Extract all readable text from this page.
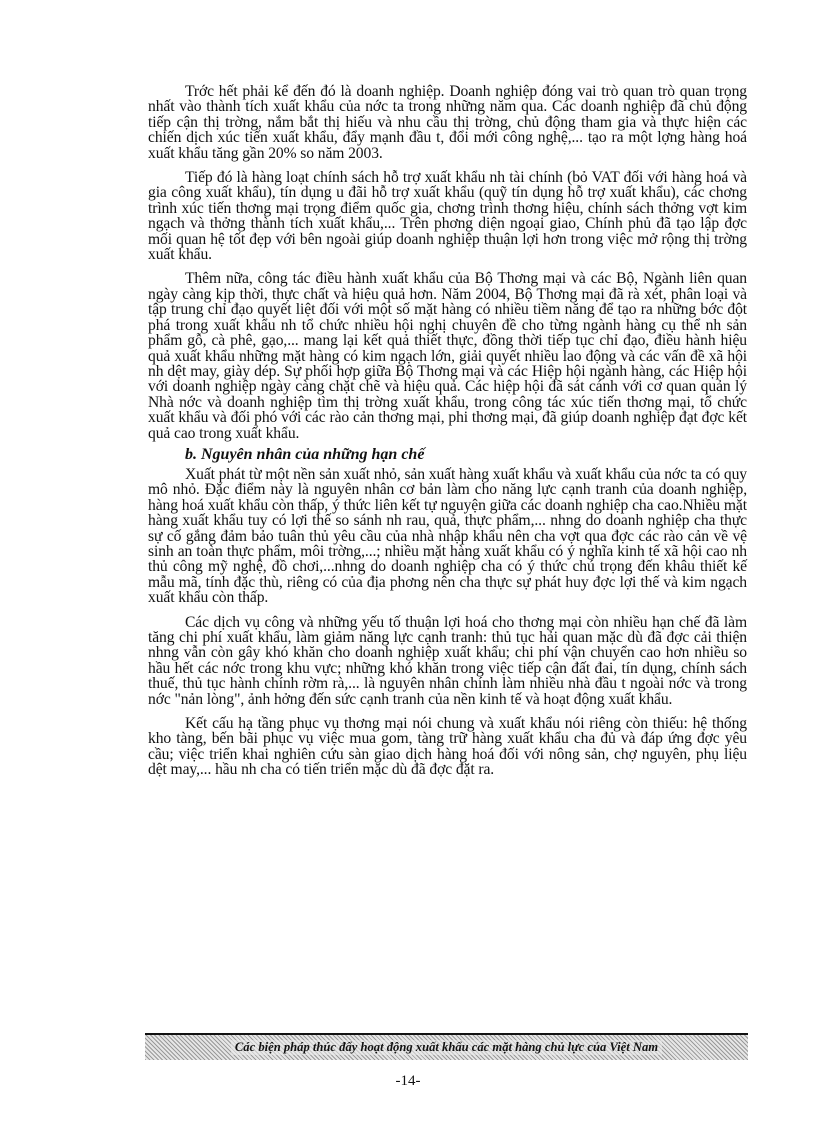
Trớc hết phải kể đến đó là doanh nghiệp. Doanh nghiệp đóng vai trò quan trò quan trọng nhất vào thành tích xuất khẩu của nớc ta trong những năm qua. Các doanh nghiệp đã chủ động tiếp cận thị trờng, nắm bắt thị hiếu và nhu cầu thị trờng, chủ động tham gia và thực hiện các chiến dịch xúc tiến xuất khẩu, đẩy mạnh đầu t, đổi mới công nghệ,... tạo ra một lợng hàng hoá xuất khẩu tăng gần 20% so năm 2003.

Tiếp đó là hàng loạt chính sách hỗ trợ xuất khẩu nh tài chính (bỏ VAT đối với hàng hoá và gia công xuất khẩu), tín dụng u đãi hỗ trợ xuất khẩu (quỹ tín dụng hỗ trợ xuất khẩu), các chơng trình xúc tiến thơng mại trọng điểm quốc gia, chơng trình thơng hiệu, chính sách thởng vợt kim ngạch và thởng thành tích xuất khẩu,... Trên phơng diện ngoại giao, Chính phủ đã tạo lập đợc mối quan hệ tốt đẹp với bên ngoài giúp doanh nghiệp thuận lợi hơn trong việc mở rộng thị trờng xuất khẩu.

Thêm nữa, công tác điều hành xuất khẩu của Bộ Thơng mại và các Bộ, Ngành liên quan ngày càng kịp thời, thực chất và hiệu quả hơn. Năm 2004, Bộ Thơng mại đã rà xét, phân loại và tập trung chỉ đạo quyết liệt đối với một số mặt hàng có nhiều tiềm năng để tạo ra những bớc đột phá trong xuất khẩu nh tổ chức nhiều hội nghị chuyên đề cho từng ngành hàng cụ thể nh sản phẩm gỗ, cà phê, gạo,... mang lại kết quả thiết thực, đồng thời tiếp tục chỉ đạo, điều hành hiệu quả xuất khẩu những mặt hàng có kim ngạch lớn, giải quyết nhiều lao động và các vấn đề xã hội nh dệt may, giày dép. Sự phối hợp giữa Bộ Thơng mại và các Hiệp hội ngành hàng, các Hiệp hội với doanh nghiệp ngày càng chặt chẽ và hiệu quả. Các hiệp hội đã sát cánh với cơ quan quản lý Nhà nớc và doanh nghiệp tìm thị trờng xuất khẩu, trong công tác xúc tiến thơng mại, tổ chức xuất khẩu và đối phó với các rào cản thơng mại, phi thơng mại, đã giúp doanh nghiệp đạt đợc kết quả cao trong xuất khẩu.

b. Nguyên nhân của những hạn chế

Xuất phát từ một nền sản xuất nhỏ, sản xuất hàng xuất khẩu và xuất khẩu của nớc ta có quy mô nhỏ. Đặc điểm này là nguyên nhân cơ bản làm cho năng lực cạnh tranh của doanh nghiệp, hàng hoá xuất khẩu còn thấp, ý thức liên kết tự nguyện giữa các doanh nghiệp cha cao.Nhiều mặt hàng xuất khẩu tuy có lợi thế so sánh nh rau, quả, thực phẩm,... nhng do doanh nghiệp cha thực sự cố gắng đảm bảo tuân thủ yêu cầu của nhà nhập khẩu nên cha vợt qua đợc các rào cản về vệ sinh an toàn thực phẩm, môi trờng,...; nhiều mặt hàng xuất khẩu có ý nghĩa kinh tế xã hội cao nh thủ công mỹ nghệ, đồ chơi,...nhng do doanh nghiệp cha có ý thức chú trọng đến khâu thiết kế mẫu mã, tính đặc thù, riêng có của địa phơng nên cha thực sự phát huy đợc lợi thế và kim ngạch xuất khẩu còn thấp.

Các dịch vụ công và những yếu tố thuận lợi hoá cho thơng mại còn nhiều hạn chế đã làm tăng chi phí xuất khẩu, làm giảm năng lực cạnh tranh: thủ tục hải quan mặc dù đã đợc cải thiện nhng vẫn còn gây khó khăn cho doanh nghiệp xuất khẩu; chi phí vận chuyển cao hơn nhiều so hầu hết các nớc trong khu vực; những khó khăn trong việc tiếp cận đất đai, tín dụng, chính sách thuế, thủ tục hành chính rờm rà,... là nguyên nhân chính làm nhiều nhà đầu t ngoài nớc và trong nớc "nản lòng", ảnh hởng đến sức cạnh tranh của nền kinh tế và hoạt động xuất khẩu.

Kết cấu hạ tầng phục vụ thơng mại nói chung và xuất khẩu nói riêng còn thiếu: hệ thống kho tàng, bến bãi phục vụ việc mua gom, tàng trữ hàng xuất khẩu cha đủ và đáp ứng đợc yêu cầu; việc triển khai nghiên cứu sàn giao dịch hàng hoá đối với nông sản, chợ nguyên, phụ liệu dệt may,... hầu nh cha có tiến triển mặc dù đã đợc đặt ra.

Các biện pháp thúc đẩy hoạt động xuất khẩu các mặt hàng chủ lực của Việt Nam
-14-
